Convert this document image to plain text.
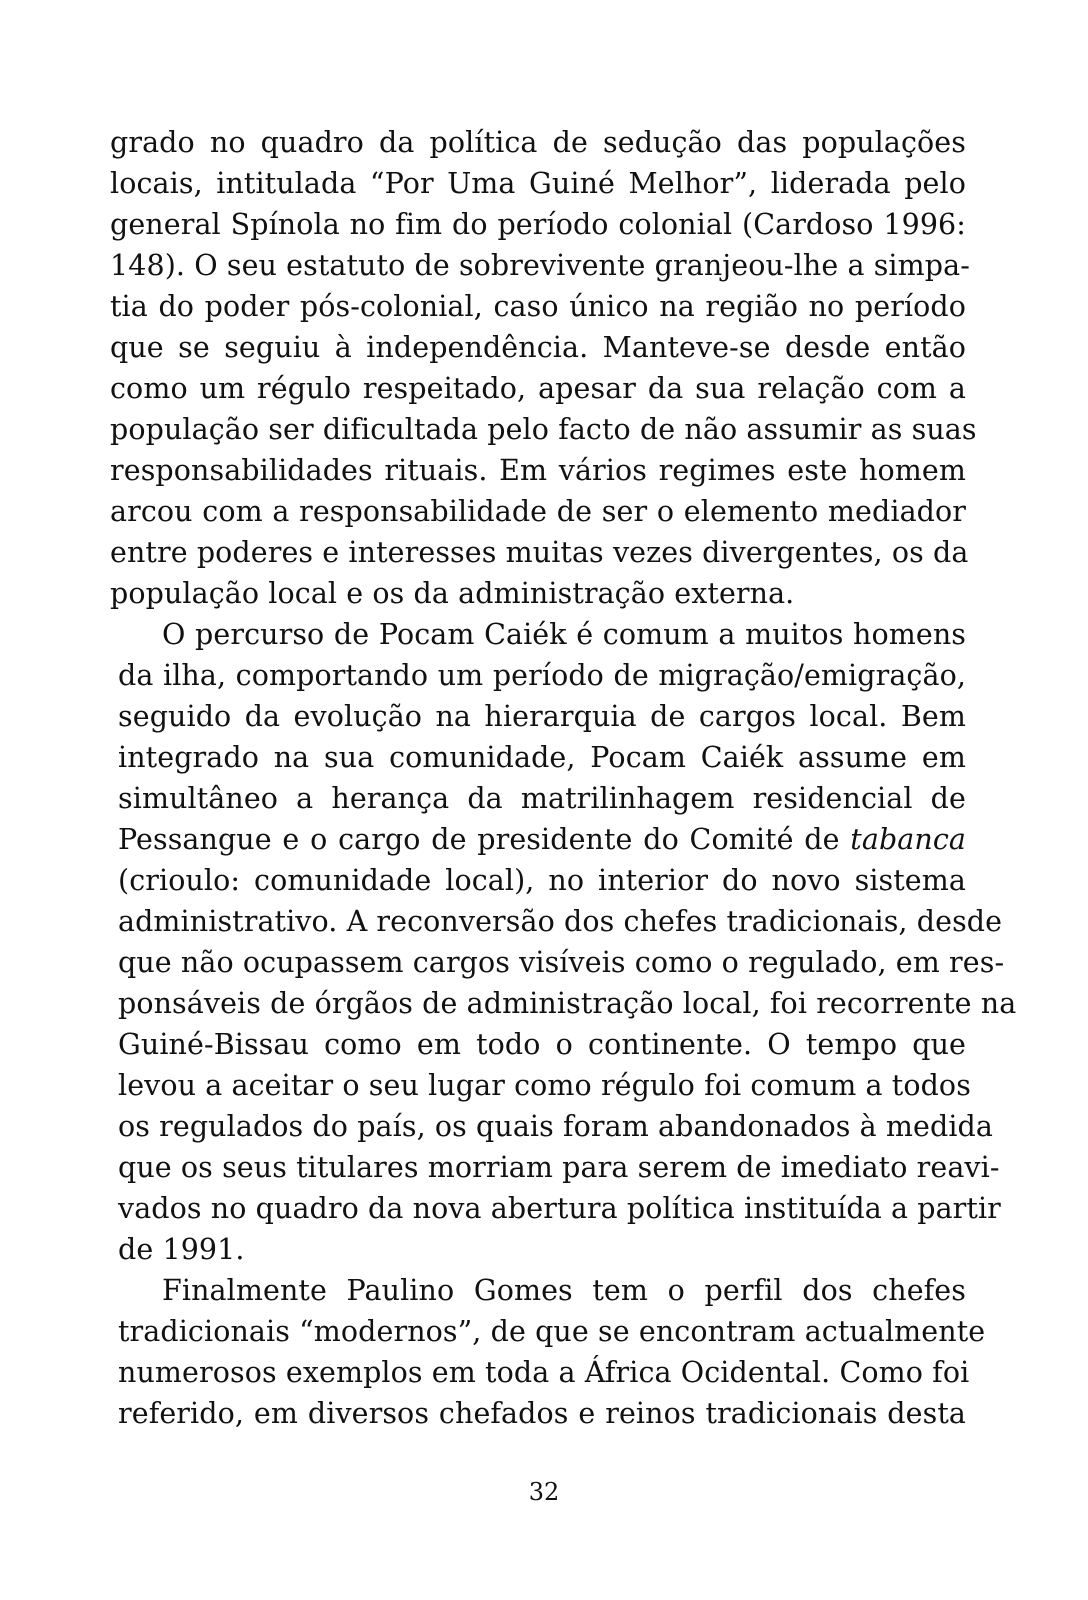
grado no quadro da política de sedução das populações
locais, intitulada “Por Uma Guiné Melhor”, liderada pelo
general Spínola no fim do período colonial (Cardoso 1996:
148). O seu estatuto de sobrevivente granjeou-lhe a simpa-
tia do poder pós-colonial, caso único na região no período
que se seguiu à independência. Manteve-se desde então
como um régulo respeitado, apesar da sua relação com a
população ser dificultada pelo facto de não assumir as suas
responsabilidades rituais. Em vários regimes este homem
arcou com a responsabilidade de ser o elemento mediador
entre poderes e interesses muitas vezes divergentes, os da
população local e os da administração externa.
O percurso de Pocam Caiék é comum a muitos homens
da ilha, comportando um período de migração/emigração,
seguido da evolução na hierarquia de cargos local. Bem
integrado na sua comunidade, Pocam Caiék assume em
simultâneo a herança da matrilinhagem residencial de
Pessangue e o cargo de presidente do Comité de tabanca
(crioulo: comunidade local), no interior do novo sistema
administrativo. A reconversão dos chefes tradicionais, desde
que não ocupassem cargos visíveis como o regulado, em res-
ponsáveis de órgãos de administração local, foi recorrente na
Guiné-Bissau como em todo o continente. O tempo que
levou a aceitar o seu lugar como régulo foi comum a todos
os regulados do país, os quais foram abandonados à medida
que os seus titulares morriam para serem de imediato reavi-
vados no quadro da nova abertura política instituída a partir
de 1991.
Finalmente Paulino Gomes tem o perfil dos chefes
tradicionais “modernos”, de que se encontram actualmente
numerosos exemplos em toda a África Ocidental. Como foi
referido, em diversos chefados e reinos tradicionais desta
32
